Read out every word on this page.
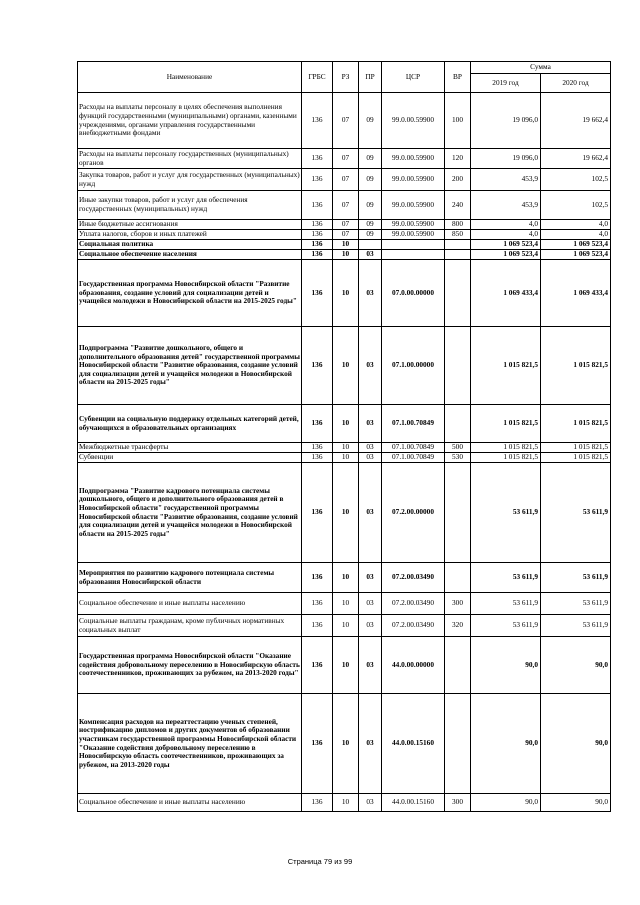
Наименование	ГРБС	РЗ	ПР	ЦСР	ВР	Сумма	
						2019 год	2020 год
Расходы на выплаты персоналу в целях обеспечения выполнения функций государственными (муниципальными) органами, казенными учреждениями, органами управления государственными внебюджетными фондами	136	07	09	99.0.00.59900	100	19 096,0	19 662,4
Расходы на выплаты персоналу государственных (муниципальных) органов	136	07	09	99.0.00.59900	120	19 096,0	19 662,4
Закупка товаров, работ и услуг для государственных (муниципальных) нужд	136	07	09	99.0.00.59900	200	453,9	102,5
Иные закупки товаров, работ и услуг для обеспечения государственных (муниципальных) нужд	136	07	09	99.0.00.59900	240	453,9	102,5
Иные бюджетные ассигнования	136	07	09	99.0.00.59900	800	4,0	4,0
Уплата налогов, сборов и иных платежей	136	07	09	99.0.00.59900	850	4,0	4,0
Социальная политика	136	10				1 069 523,4	1 069 523,4
Социальное обеспечение населения	136	10	03			1 069 523,4	1 069 523,4
Государственная программа Новосибирской области "Развитие образования, создание условий для социализации детей и учащейся молодежи в Новосибирской области на 2015-2025 годы"	136	10	03	07.0.00.00000		1 069 433,4	1 069 433,4
Подпрограмма "Развитие дошкольного, общего и дополнительного образования детей" государственной программы Новосибирской области "Развитие образования, создание условий для социализации детей и учащейся молодежи в Новосибирской области на 2015-2025 годы"	136	10	03	07.1.00.00000		1 015 821,5	1 015 821,5
Субвенции на социальную поддержку отдельных категорий детей, обучающихся в образовательных организациях	136	10	03	07.1.00.70849		1 015 821,5	1 015 821,5
Межбюджетные трансферты	136	10	03	07.1.00.70849	500	1 015 821,5	1 015 821,5
Субвенции	136	10	03	07.1.00.70849	530	1 015 821,5	1 015 821,5
Подпрограмма "Развитие кадрового потенциала системы дошкольного, общего и дополнительного образования детей в Новосибирской области" государственной программы Новосибирской области "Развитие образования, создание условий для социализации детей и учащейся молодежи в Новосибирской области на 2015-2025 годы"	136	10	03	07.2.00.00000		53 611,9	53 611,9
Мероприятия по развитию кадрового потенциала системы образования Новосибирской области	136	10	03	07.2.00.03490		53 611,9	53 611,9
Социальное обеспечение и иные выплаты населению	136	10	03	07.2.00.03490	300	53 611,9	53 611,9
Социальные выплаты гражданам, кроме публичных нормативных социальных выплат	136	10	03	07.2.00.03490	320	53 611,9	53 611,9
Государственная программа Новосибирской области "Оказание содействия добровольному переселению в Новосибирскую область соотечественников, проживающих за рубежом, на 2013-2020 годы"	136	10	03	44.0.00.00000		90,0	90,0
Компенсация расходов на переаттестацию ученых степеней, нострификацию дипломов и других документов об образовании участникам государственной программы Новосибирской области "Оказание содействия добровольному переселению в Новосибирскую область соотечественников, проживающих за рубежом, на 2013-2020 годы	136	10	03	44.0.00.15160		90,0	90,0
Социальное обеспечение и иные выплаты населению	136	10	03	44.0.00.15160	300	90,0	90,0
Страница 79 из 99
